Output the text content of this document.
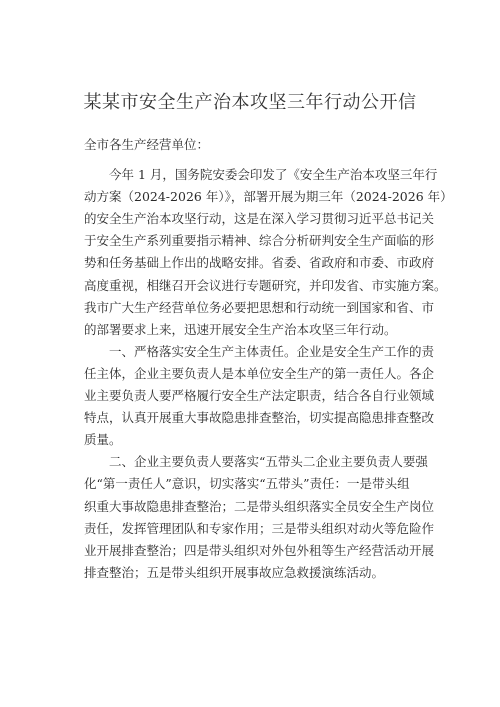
某某市安全生产治本攻坚三年行动公开信
全市各生产经营单位：
今年 1 月，国务院安委会印发了《安全生产治本攻坚三年行
动方案（2024-2026 年）》，部署开展为期三年（2024-2026 年）
的安全生产治本攻坚行动，这是在深入学习贯彻习近平总书记关
于安全生产系列重要指示精神、综合分析研判安全生产面临的形
势和任务基础上作出的战略安排。省委、省政府和市委、市政府
高度重视，相继召开会议进行专题研究，并印发省、市实施方案。
我市广大生产经营单位务必要把思想和行动统一到国家和省、市
的部署要求上来，迅速开展安全生产治本攻坚三年行动。
一、严格落实安全生产主体责任。企业是安全生产工作的责
任主体，企业主要负责人是本单位安全生产的第一责任人。各企
业主要负责人要严格履行安全生产法定职责，结合各自行业领域
特点，认真开展重大事故隐患排查整治，切实提高隐患排查整改
质量。
二、企业主要负责人要落实“五带头二企业主要负责人要强
化“第一责任人”意识，切实落实“五带头”责任：一是带头组
织重大事故隐患排查整治；二是带头组织落实全员安全生产岗位
责任，发挥管理团队和专家作用；三是带头组织对动火等危险作
业开展排查整治；四是带头组织对外包外租等生产经营活动开展
排查整治；五是带头组织开展事故应急救援演练活动。
